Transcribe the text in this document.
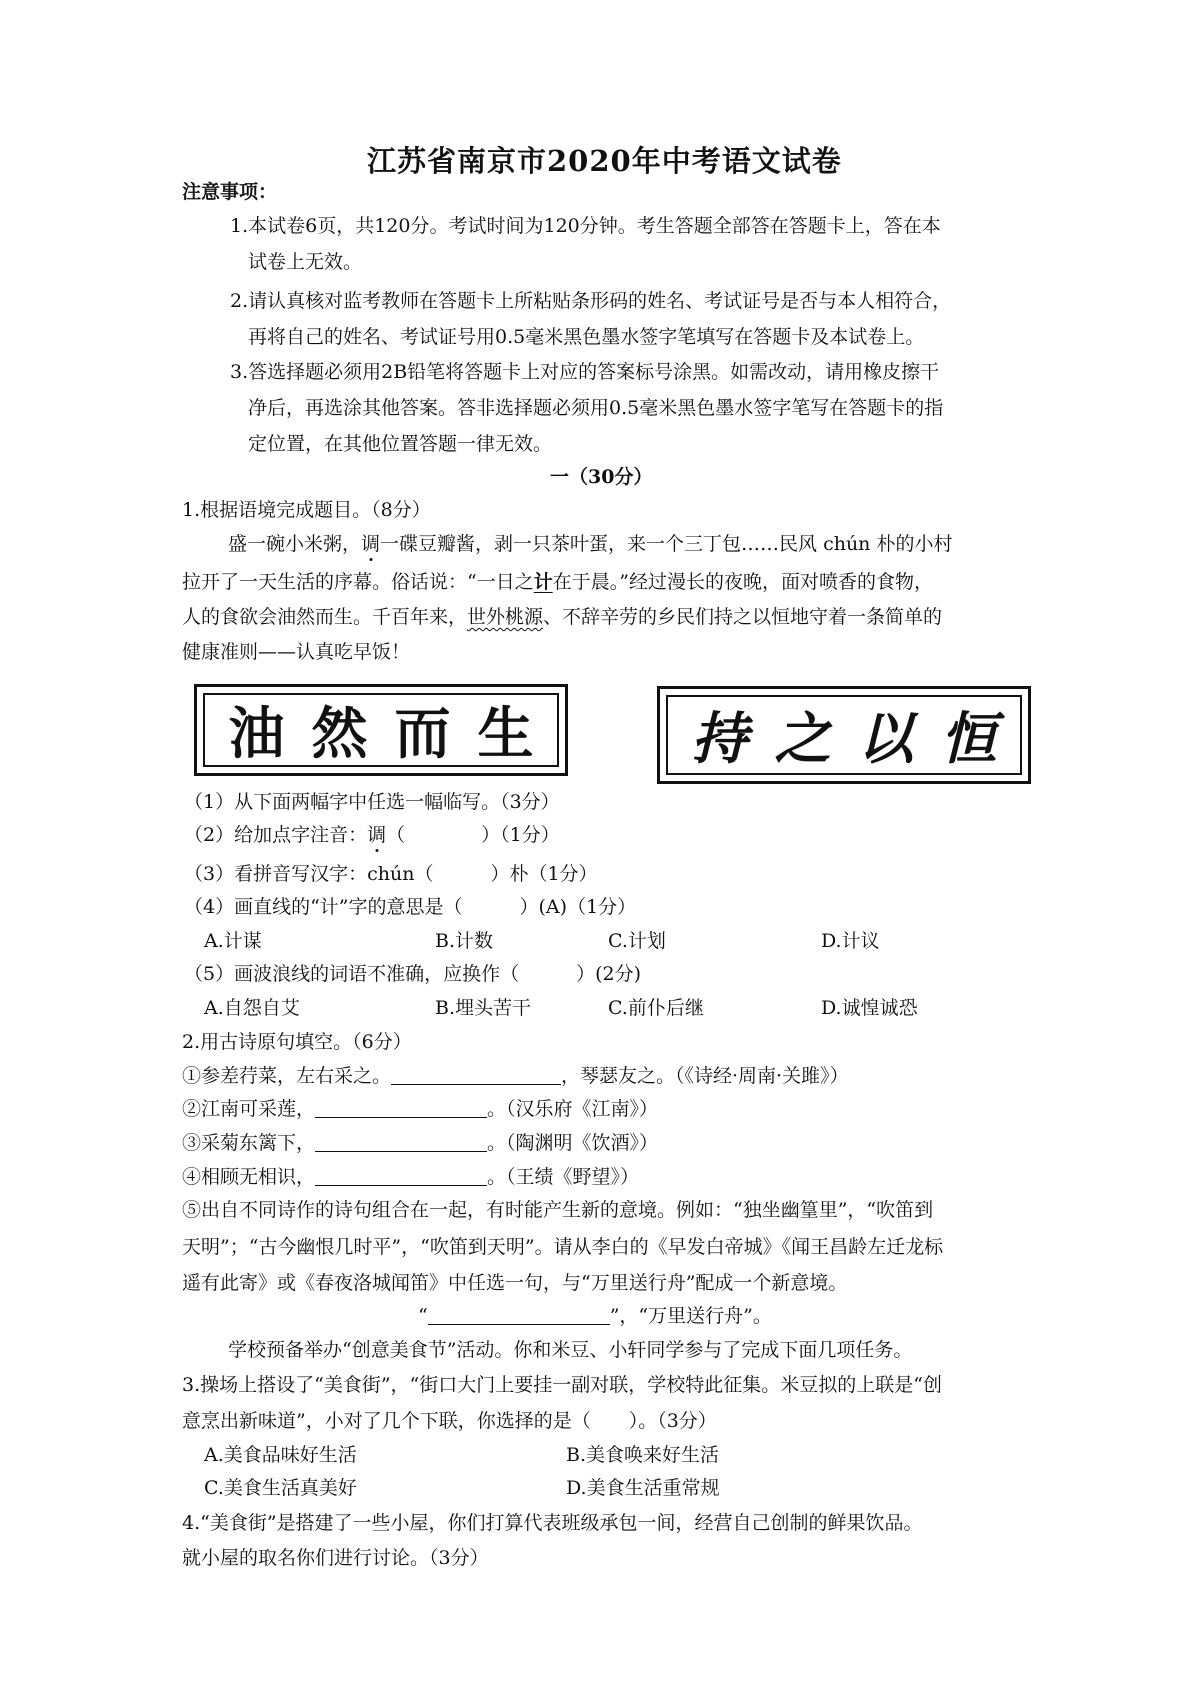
江苏省南京市2020年中考语文试卷
注意事项：
1.本试卷6页，共120分。考试时间为120分钟。考生答题全部答在答题卡上，答在本
试卷上无效。
2.请认真核对监考教师在答题卡上所粘贴条形码的姓名、考试证号是否与本人相符合，
再将自己的姓名、考试证号用0.5毫米黑色墨水签字笔填写在答题卡及本试卷上。
3.答选择题必须用2B铅笔将答题卡上对应的答案标号涂黑。如需改动，请用橡皮擦干
净后，再选涂其他答案。答非选择题必须用0.5毫米黑色墨水签字笔写在答题卡的指
定位置，在其他位置答题一律无效。
一（30分）
1.根据语境完成题目。（8分）
盛一碗小米粥，调一碟豆瓣酱，剥一只茶叶蛋，来一个三丁包……民风 chún 朴的小村
拉开了一天生活的序幕。俗话说：“一日之计在于晨。”经过漫长的夜晚，面对喷香的食物，
人的食欲会油然而生。千百年来，世外桃源、不辞辛劳的乡民们持之以恒地守着一条简单的
健康准则——认真吃早饭！
油 然 而 生	持 之 以 恒
（1）从下面两幅字中任选一幅临写。（3分）
（2）给加点字注音：调（　　　　）（1分）
（3）看拼音写汉字：chún（　　　）朴（1分）
（4）画直线的“计”字的意思是（　　　）(A)（1分）
A.计谋	B.计数	C.计划	D.计议
（5）画波浪线的词语不准确，应换作（　　　）(2分)
A.自怨自艾	B.埋头苦干	C.前仆后继	D.诚惶诚恐
2.用古诗原句填空。（6分）
①参差荇菜，左右采之。	，琴瑟友之。（《诗经·周南·关雎》）
②江南可采莲，	。（汉乐府《江南》）
③采菊东篱下，	。（陶渊明《饮酒》）
④相顾无相识，	。（王绩《野望》）
⑤出自不同诗作的诗句组合在一起，有时能产生新的意境。例如：“独坐幽篁里”，“吹笛到
天明”；“古今幽恨几时平”，“吹笛到天明”。请从李白的《早发白帝城》《闻王昌龄左迁龙标
遥有此寄》或《春夜洛城闻笛》中任选一句，与“万里送行舟”配成一个新意境。
“	”，“万里送行舟”。
学校预备举办“创意美食节”活动。你和米豆、小轩同学参与了完成下面几项任务。
3.操场上搭设了“美食街”，“街口大门上要挂一副对联，学校特此征集。米豆拟的上联是“创
意烹出新味道”，小对了几个下联，你选择的是（　　）。（3分）
A.美食品味好生活	B.美食唤来好生活
C.美食生活真美好	D.美食生活重常规
4.“美食街”是搭建了一些小屋，你们打算代表班级承包一间，经营自己创制的鲜果饮品。
就小屋的取名你们进行讨论。（3分）
